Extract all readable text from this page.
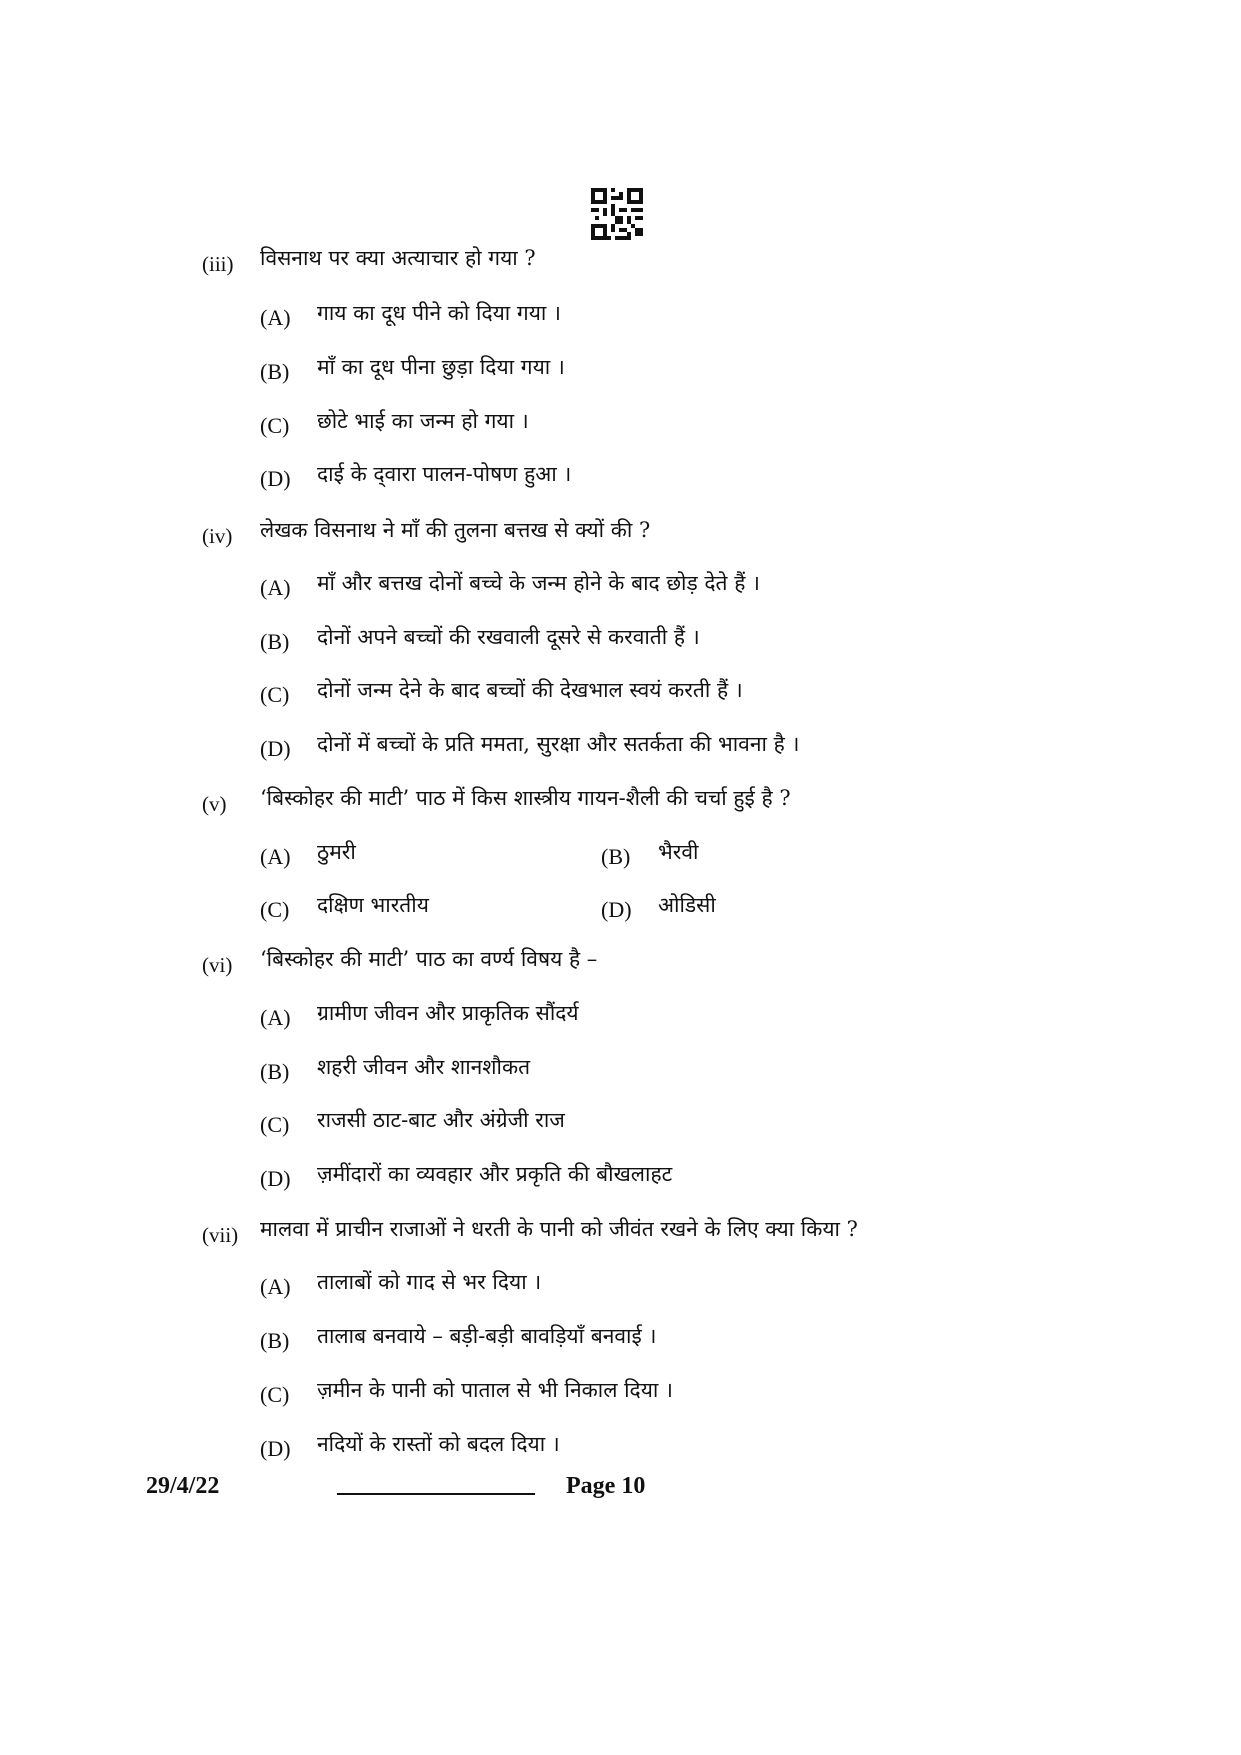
(iii) विसनाथ पर क्या अत्याचार हो गया ?
(A) गाय का दूध पीने को दिया गया ।
(B) माँ का दूध पीना छुड़ा दिया गया ।
(C) छोटे भाई का जन्म हो गया ।
(D) दाई के द्‌वारा पालन-पोषण हुआ ।
(iv) लेखक विसनाथ ने माँ की तुलना बत्तख से क्यों की ?
(A) माँ और बत्तख दोनों बच्चे के जन्म होने के बाद छोड़ देते हैं ।
(B) दोनों अपने बच्चों की रखवाली दूसरे से करवाती हैं ।
(C) दोनों जन्म देने के बाद बच्चों की देखभाल स्वयं करती हैं ।
(D) दोनों में बच्चों के प्रति ममता, सुरक्षा और सतर्कता की भावना है ।
(v) ‘बिस्कोहर की माटी’ पाठ में किस शास्त्रीय गायन-शैली की चर्चा हुई है ?
(A) ठुमरी	(B) भैरवी
(C) दक्षिण भारतीय	(D) ओडिसी
(vi) ‘बिस्कोहर की माटी’ पाठ का वर्ण्य विषय है –
(A) ग्रामीण जीवन और प्राकृतिक सौंदर्य
(B) शहरी जीवन और शानशौकत
(C) राजसी ठाट-बाट और अंग्रेजी राज
(D) ज़मींदारों का व्यवहार और प्रकृति की बौखलाहट
(vii) मालवा में प्राचीन राजाओं ने धरती के पानी को जीवंत रखने के लिए क्या किया ?
(A) तालाबों को गाद से भर दिया ।
(B) तालाब बनवाये – बड़ी-बड़ी बावड़ियाँ बनवाई ।
(C) ज़मीन के पानी को पाताल से भी निकाल दिया ।
(D) नदियों के रास्तों को बदल दिया ।
29/4/22	Page 10
